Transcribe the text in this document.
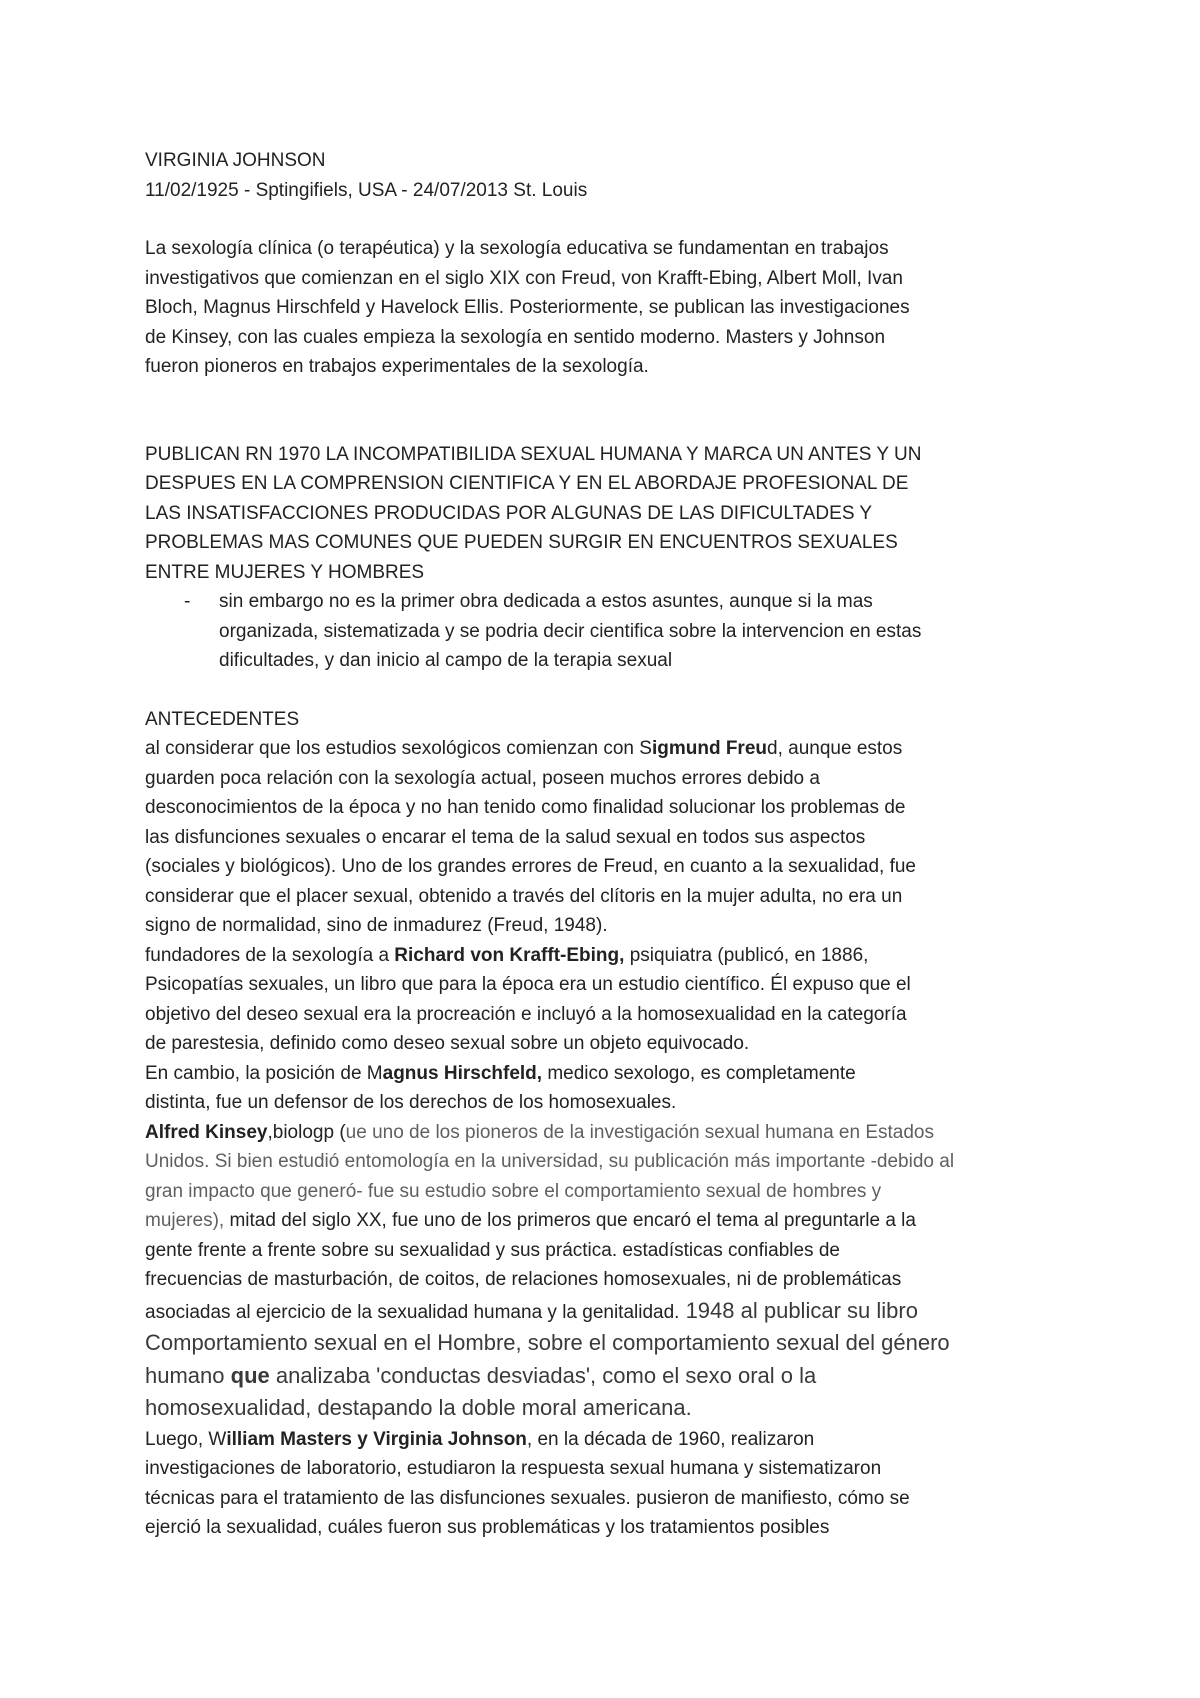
VIRGINIA JOHNSON
11/02/1925 - Sptingifiels, USA - 24/07/2013 St. Louis
La sexología clínica (o terapéutica) y la sexología educativa se fundamentan en trabajos
investigativos que comienzan en el siglo XIX con Freud, von Krafft-Ebing, Albert Moll, Ivan
Bloch, Magnus Hirschfeld y Havelock Ellis. Posteriormente, se publican las investigaciones
de Kinsey, con las cuales empieza la sexología en sentido moderno. Masters y Johnson
fueron pioneros en trabajos experimentales de la sexología.
PUBLICAN RN 1970 LA INCOMPATIBILIDA SEXUAL HUMANA Y MARCA UN ANTES Y UN
DESPUES EN LA COMPRENSION CIENTIFICA Y EN EL ABORDAJE PROFESIONAL DE
LAS INSATISFACCIONES PRODUCIDAS POR ALGUNAS DE LAS DIFICULTADES Y
PROBLEMAS MAS COMUNES QUE PUEDEN SURGIR EN ENCUENTROS SEXUALES
ENTRE MUJERES Y HOMBRES
-	sin embargo no es la primer obra dedicada a estos asuntes, aunque si la mas
organizada, sistematizada y se podria decir cientifica sobre la intervencion en estas
dificultades, y dan inicio al campo de la terapia sexual
ANTECEDENTES
al considerar que los estudios sexológicos comienzan con Sigmund Freud, aunque estos
guarden poca relación con la sexología actual, poseen muchos errores debido a
desconocimientos de la época y no han tenido como finalidad solucionar los problemas de
las disfunciones sexuales o encarar el tema de la salud sexual en todos sus aspectos
(sociales y biológicos). Uno de los grandes errores de Freud, en cuanto a la sexualidad, fue
considerar que el placer sexual, obtenido a través del clítoris en la mujer adulta, no era un
signo de normalidad, sino de inmadurez (Freud, 1948).
fundadores de la sexología a Richard von Krafft-Ebing, psiquiatra (publicó, en 1886,
Psicopatías sexuales, un libro que para la época era un estudio científico. Él expuso que el
objetivo del deseo sexual era la procreación e incluyó a la homosexualidad en la categoría
de parestesia, definido como deseo sexual sobre un objeto equivocado.
En cambio, la posición de Magnus Hirschfeld, medico sexologo, es completamente
distinta, fue un defensor de los derechos de los homosexuales.
Alfred Kinsey,biologp (ue uno de los pioneros de la investigación sexual humana en Estados
Unidos. Si bien estudió entomología en la universidad, su publicación más importante -debido al
gran impacto que generó- fue su estudio sobre el comportamiento sexual de hombres y
mujeres), mitad del siglo XX, fue uno de los primeros que encaró el tema al preguntarle a la
gente frente a frente sobre su sexualidad y sus práctica. estadísticas confiables de
frecuencias de masturbación, de coitos, de relaciones homosexuales, ni de problemáticas
asociadas al ejercicio de la sexualidad humana y la genitalidad. 1948 al publicar su libro
Comportamiento sexual en el Hombre, sobre el comportamiento sexual del género
humano que analizaba 'conductas desviadas', como el sexo oral o la
homosexualidad, destapando la doble moral americana.
Luego, William Masters y Virginia Johnson, en la década de 1960, realizaron
investigaciones de laboratorio, estudiaron la respuesta sexual humana y sistematizaron
técnicas para el tratamiento de las disfunciones sexuales. pusieron de manifiesto, cómo se
ejerció la sexualidad, cuáles fueron sus problemáticas y los tratamientos posibles
